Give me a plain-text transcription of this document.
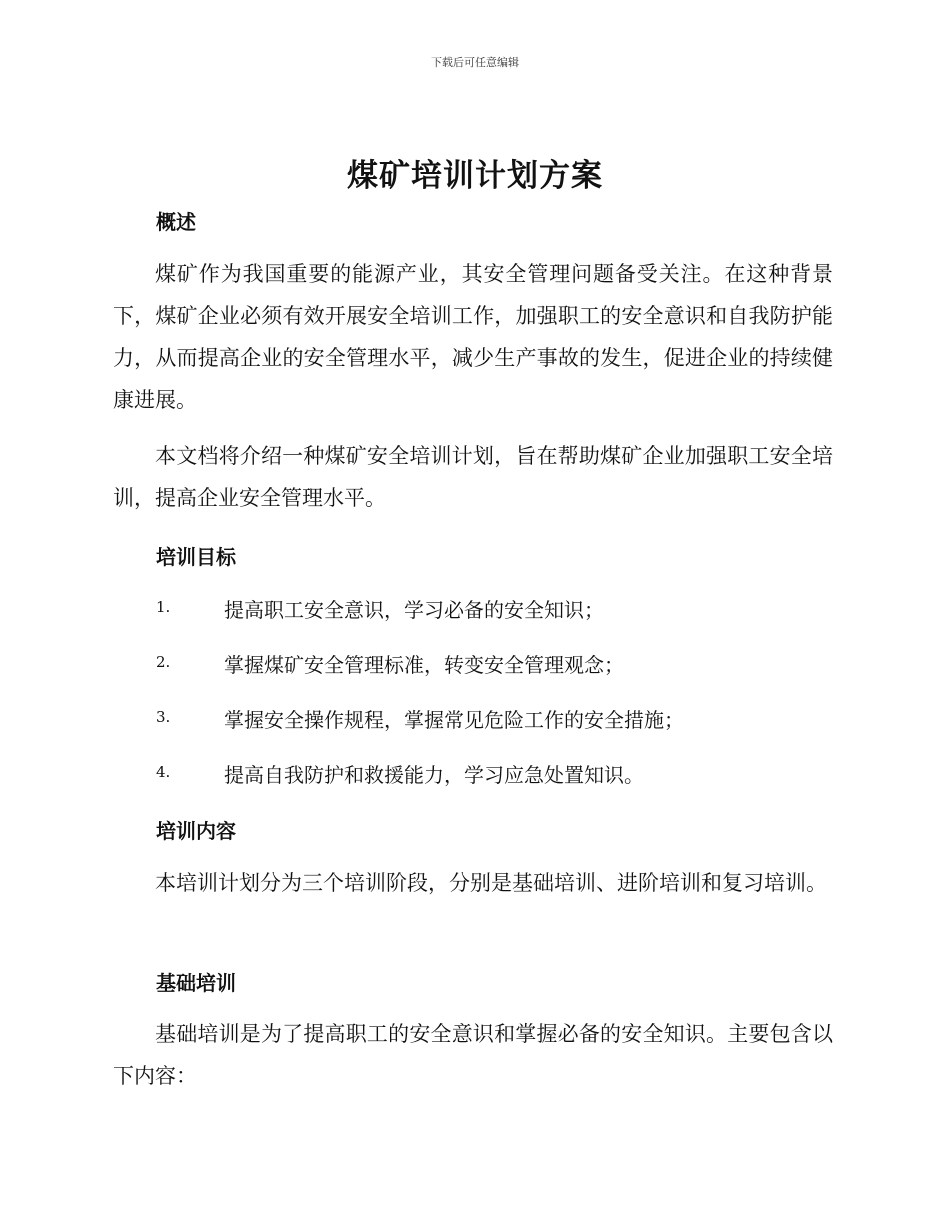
下载后可任意编辑
煤矿培训计划方案
概述

煤矿作为我国重要的能源产业，其安全管理问题备受关注。在这种背景下，煤矿企业必须有效开展安全培训工作，加强职工的安全意识和自我防护能力，从而提高企业的安全管理水平，减少生产事故的发生，促进企业的持续健康进展。

本文档将介绍一种煤矿安全培训计划，旨在帮助煤矿企业加强职工安全培训，提高企业安全管理水平。

培训目标
1.	提高职工安全意识，学习必备的安全知识；
2.	掌握煤矿安全管理标准，转变安全管理观念；
3.	掌握安全操作规程，掌握常见危险工作的安全措施；
4.	提高自我防护和救援能力，学习应急处置知识。
培训内容

本培训计划分为三个培训阶段，分别是基础培训、进阶培训和复习培训。

基础培训

基础培训是为了提高职工的安全意识和掌握必备的安全知识。主要包含以下内容：
